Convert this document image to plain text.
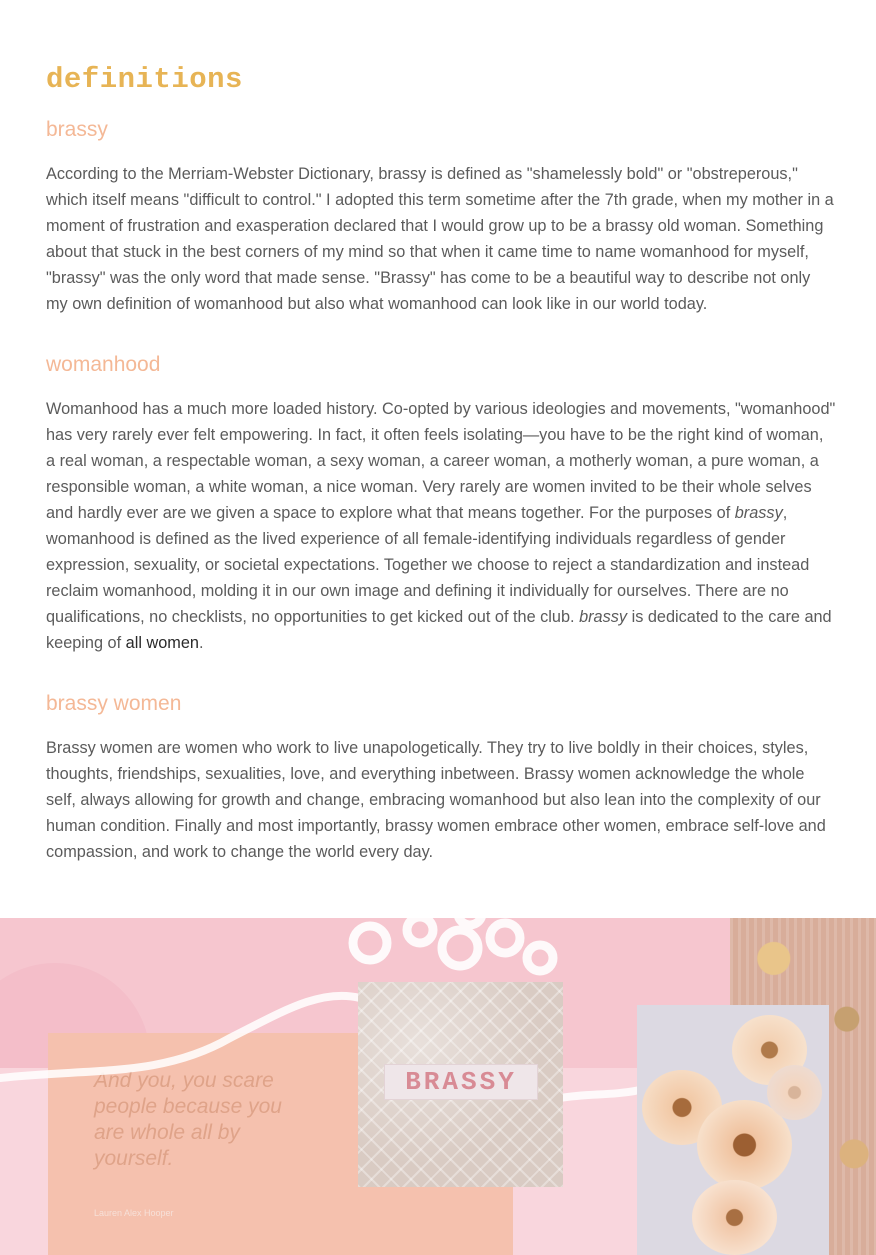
definitions
brassy

According to the Merriam-Webster Dictionary, brassy is defined as "shamelessly bold" or "obstreperous," which itself means "difficult to control." I adopted this term sometime after the 7th grade, when my mother in a moment of frustration and exasperation declared that I would grow up to be a brassy old woman. Something about that stuck in the best corners of my mind so that when it came time to name womanhood for myself, "brassy" was the only word that made sense. "Brassy" has come to be a beautiful way to describe not only my own definition of womanhood but also what womanhood can look like in our world today.

womanhood

Womanhood has a much more loaded history. Co-opted by various ideologies and movements, "womanhood" has very rarely ever felt empowering. In fact, it often feels isolating—you have to be the right kind of woman, a real woman, a respectable woman, a sexy woman, a career woman, a motherly woman, a pure woman, a responsible woman, a white woman, a nice woman. Very rarely are women invited to be their whole selves and hardly ever are we given a space to explore what that means together. For the purposes of brassy, womanhood is defined as the lived experience of all female-identifying individuals regardless of gender expression, sexuality, or societal expectations. Together we choose to reject a standardization and instead reclaim womanhood, molding it in our own image and defining it individually for ourselves. There are no qualifications, no checklists, no opportunities to get kicked out of the club. brassy is dedicated to the care and keeping of all women.

brassy women

Brassy women are women who work to live unapologetically. They try to live boldly in their choices, styles, thoughts, friendships, sexualities, love, and everything inbetween. Brassy women acknowledge the whole self, always allowing for growth and change, embracing womanhood but also lean into the complexity of our human condition. Finally and most importantly, brassy women embrace other women, embrace self-love and compassion, and work to change the world every day.

And you, you scare people because you are whole all by yourself.

Lauren Alex Hooper

BRASSY
